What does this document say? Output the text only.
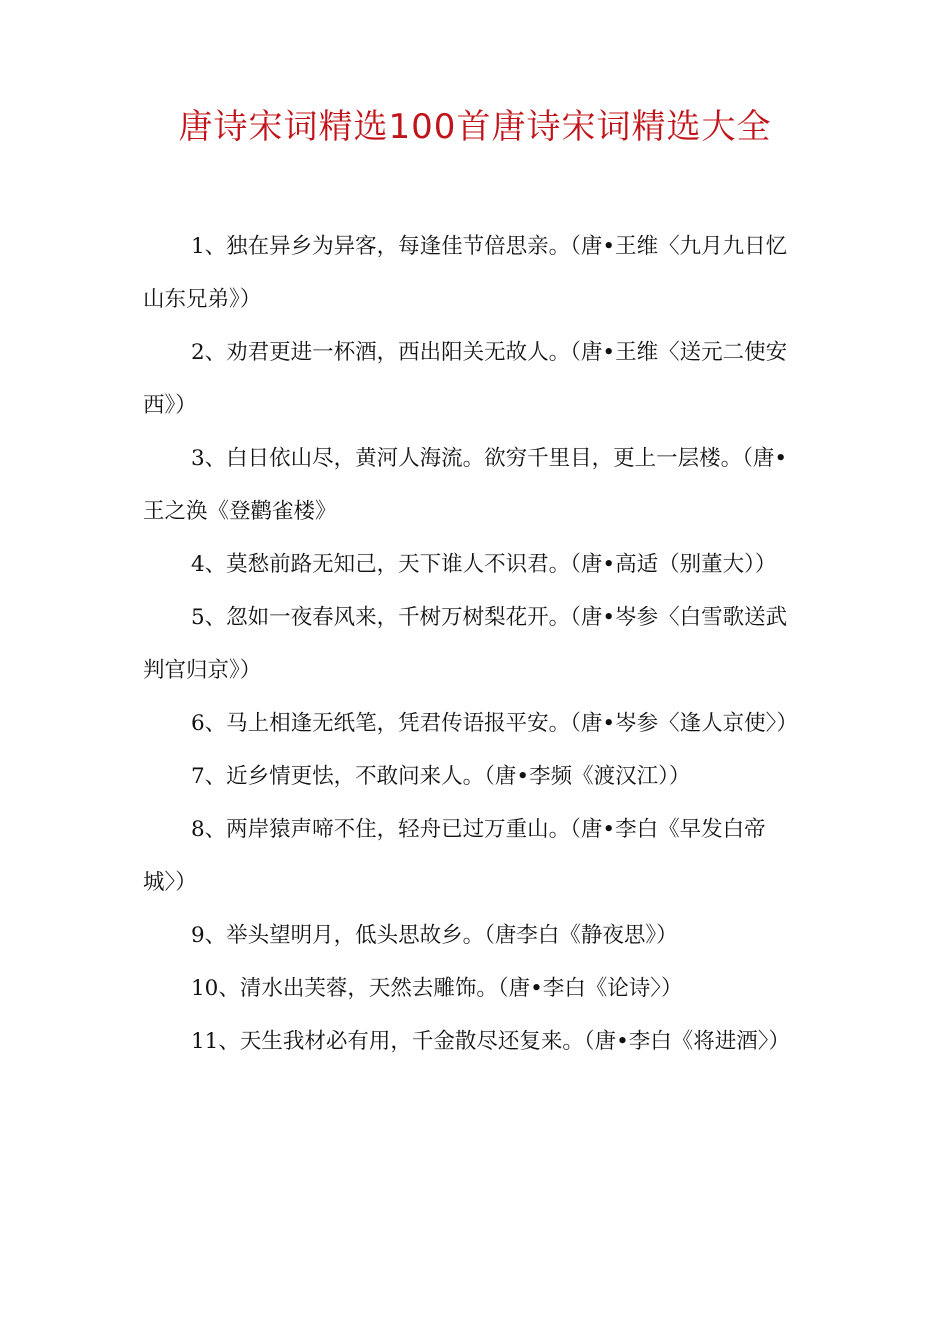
唐诗宋词精选100首唐诗宋词精选大全

1、独在异乡为异客，每逢佳节倍思亲。（唐•王维〈九月九日忆山东兄弟》）

2、劝君更进一杯酒，西出阳关无故人。（唐•王维〈送元二使安西》）

3、白日依山尽，黄河人海流。欲穷千里目，更上一层楼。（唐•王之涣《登鹳雀楼》

4、莫愁前路无知己，天下谁人不识君。（唐•高适（别董大））

5、忽如一夜春风来，千树万树梨花开。（唐•岑参〈白雪歌送武判官归京》）

6、马上相逢无纸笔，凭君传语报平安。（唐•岑参〈逢人京使〉）

7、近乡情更怯，不敢问来人。（唐•李频《渡汉江））

8、两岸猿声啼不住，轻舟已过万重山。（唐•李白《早发白帝城〉）

9、举头望明月，低头思故乡。（唐李白《静夜思》）

10、清水出芙蓉，天然去雕饰。（唐•李白《论诗〉）

11、天生我材必有用，千金散尽还复来。（唐•李白《将进酒〉）
